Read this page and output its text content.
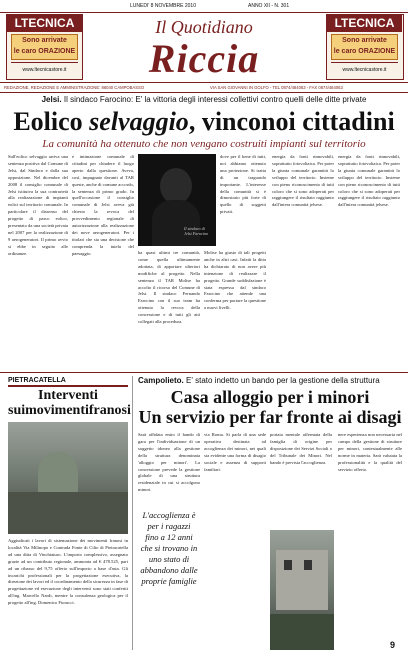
LUNEDI' 8 NOVEMBRE 2010	ANNO XII - N. 301
LTECNICA
Sono arrivate
le caro ORAZIONE
www.ltecnicastore.it
Il Quotidiano
Riccia
LTECNICA
Sono arrivate
le caro ORAZIONE
www.ltecnicastore.it
REDAZIONE, REDAZIONE E AMMINISTRAZIONE: 86040 CAMPOBASSO	VIA SAN GIOVANNI IN GOLFO - TEL 0874/484063 - FAX 0874/484063
Jelsi. Il sindaco Farocino: E' la vittoria degli interessi collettivi contro quelli delle ditte private
Eolico selvaggio, vinconoi cittadini
La comunità ha ottenuto che non vengano costruiti impianti sul territorio
Sull'eolico selvaggio arriva una sentenza positiva dal Comune di Jelsi, dal Sindaco e dalla sua opposizione. Nel dicembre del 2008 il consiglio comunale di Jelsi istituiva la sua contrarietà alla realizzazione di impianti eolici sul territorio comunale. In particolare il dissenso del progetto di parco eolico, presentato da una società privata nel 2007 per la realizzazione di 9 aerogeneratori. Il primo avvio si ebbe in seguito alle ordinanze.
e intimazione comunale di cittadini per chiudere il luogo aperto dalla questione. Aveva, così, impugnato davanti al TAR queste, anche di comune accordo, la sentenza di primo grado. In quell'occasione il consiglio comunale di Jelsi aveva già chiesto la revoca del provvedimento regionale di autorizzazione alla realizzazione dei nove aerogeneratori. Per i titolari che sia una decisione che comprenda la tutela del paesaggio.
Il sindaco di Jelsi Farocino
ha quasi ultimi tre comunità, come quella ultimamente adottata, di apportare ulteriori modifiche al progetto. Nella sentenza il TAR Molise ha accolto il ricorso del Comune di Jelsi. Il sindaco Fernando Farocino con il suo team ha ottenuto la revoca della concessione e di tutti gli atti collegati alla procedura.
Molise ha giusto di tali progetti anche in altri casi. Infatti la ditta ha dichiarato di non avere più intenzione di realizzare il progetto. Grande soddisfazione è stata espressa dal sindaco Farocino che attende una conferma per portare la questione a nuovi livelli.
dove per il bene di tutti, noi abbiamo ottenuto una protezione. Si tratta di un traguardo importante. L'interesse della comunità si è dimostrato più forte di quello di soggetti privati.
energia da fonti rinnovabili, soprattutto fotovoltaica. Per poter la giunta comunale garantirà lo sviluppo del territorio. Insieme con pieno riconoscimento di tutti coloro che si sono adoperati per raggiungere il risultato raggiunto dall'intera comunità jelsese.
energia da fonti rinnovabili, soprattutto fotovoltaica. Per poter la giunta comunale garantirà lo sviluppo del territorio. Insieme con pieno riconoscimento di tutti coloro che si sono adoperati per raggiungere il risultato raggiunto dall'intera comunità jelsese.
PIETRACATELLA
Interventi suimovimentifranosi
Aggiudicati i lavori di sistemazione dei movimenti franosi in località Via Milinopo e Contrada Fonte di Cilio di Pietracatella ad una ditta di Vinchiaturo. L'importo complessivo, assegnato grazie ad un contributo regionale, ammonta ad € 478.525, pari ad un ribasso del 9,75 offerto sull'importo a base d'asta. Gli incarichi professionali per la progettazione esecutiva, la direzione dei lavori ed il coordinamento della sicurezza in fase di progettazione ed esecuzione degli interventi sono stati conferiti all'ing. Marcello Nardi, mentre la consulenza geologica per il progetto all'ing. Domenico Fiorucci.
Campolieto. E' stato indetto un bando per la gestione della struttura
Casa alloggio per i minori
Un servizio per far fronte ai disagi
Sarà affidata entro il bando di gara per l'individuazione di un soggetto idoneo alla gestione della struttura denominata 'alloggio per minori'. La concessione prevede la gestione globale di una struttura residenziale in cui si accolgono minori.
L'accoglienza è per i ragazzi fino a 12 anni che si trovano in uno stato di abbandono dalle proprie famiglie
via Roma. Si parla di una sede operativa destinata ad accoglienza dei minori, nei quali sia evidente una forma di disagio sociale e assenza di supporti familiari.
portata mentale affermata della famiglia di origine per disposizione dei Servizi Sociali o del Tribunale dei Minori. Nel bando è prevista l'accoglienza.
nere esperienza non necessaria nel campo della gestione di strutture per minori, contestualmente alle norme in materia. Sarà valutata la professionalità e la qualità del servizio offerto.
9
